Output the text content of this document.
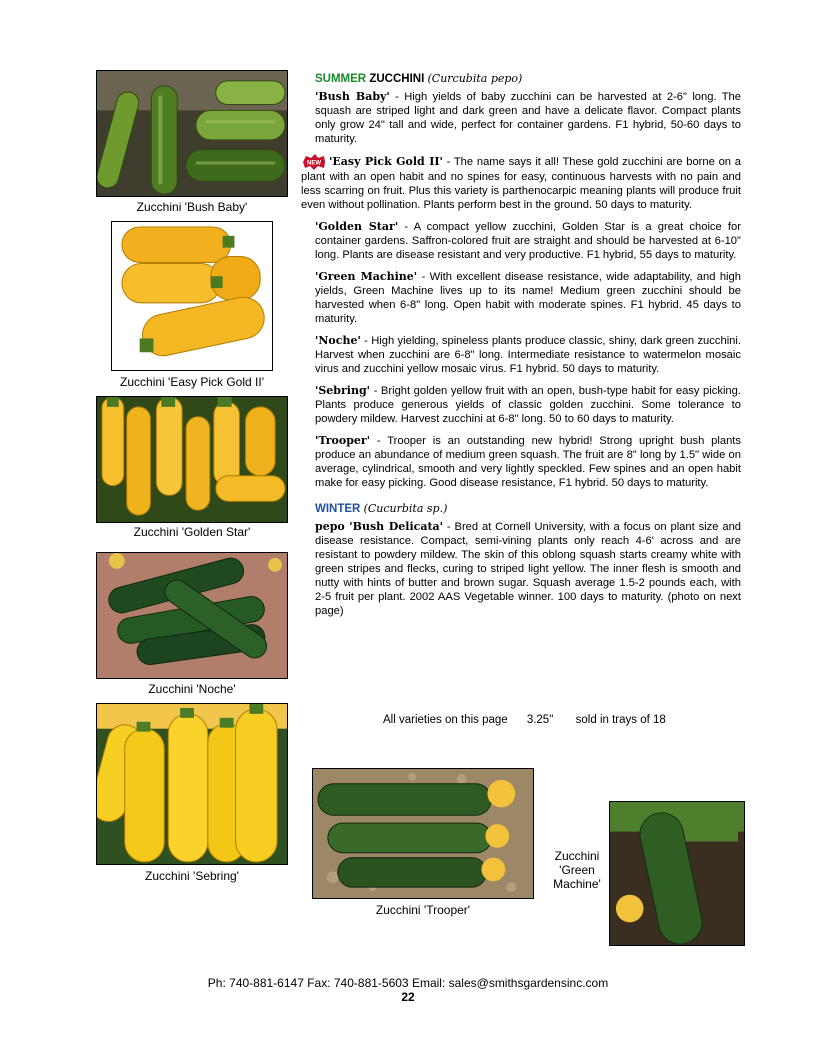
Zucchini 'Bush Baby'
Zucchini 'Easy Pick Gold II'
Zucchini 'Golden Star'
Zucchini 'Noche'
Zucchini 'Sebring'
Zucchini 'Trooper'
Zucchini
'Green
Machine'
SUMMER ZUCCHINI (Curcubita pepo)
'Bush Baby' - High yields of baby zucchini can be harvested at 2-6" long. The squash are striped light and dark green and have a delicate flavor. Compact plants only grow 24" tall and wide, perfect for container gardens. F1 hybrid, 50-60 days to maturity.
NEW 'Easy Pick Gold II' - The name says it all! These gold zucchini are borne on a plant with an open habit and no spines for easy, continuous harvests with no pain and less scarring on fruit. Plus this variety is parthenocarpic meaning plants will produce fruit even without pollination. Plants perform best in the ground. 50 days to maturity.
'Golden Star' - A compact yellow zucchini, Golden Star is a great choice for container gardens. Saffron-colored fruit are straight and should be harvested at 6-10" long. Plants are disease resistant and very productive. F1 hybrid, 55 days to maturity.
'Green Machine' - With excellent disease resistance, wide adaptability, and high yields, Green Machine lives up to its name! Medium green zucchini should be harvested when 6-8" long. Open habit with moderate spines. F1 hybrid. 45 days to maturity.
'Noche' - High yielding, spineless plants produce classic, shiny, dark green zucchini. Harvest when zucchini are 6-8" long. Intermediate resistance to watermelon mosaic virus and zucchini yellow mosaic virus. F1 hybrid. 50 days to maturity.
'Sebring' - Bright golden yellow fruit with an open, bush-type habit for easy picking. Plants produce generous yields of classic golden zucchini. Some tolerance to powdery mildew. Harvest zucchini at 6-8" long. 50 to 60 days to maturity.
'Trooper' - Trooper is an outstanding new hybrid! Strong upright bush plants produce an abundance of medium green squash. The fruit are 8" long by 1.5" wide on average, cylindrical, smooth and very lightly speckled. Few spines and an open habit make for easy picking. Good disease resistance, F1 hybrid. 50 days to maturity.
WINTER (Cucurbita sp.)
pepo 'Bush Delicata' - Bred at Cornell University, with a focus on plant size and disease resistance. Compact, semi-vining plants only reach 4-6' across and are resistant to powdery mildew. The skin of this oblong squash starts creamy white with green stripes and flecks, curing to striped light yellow. The inner flesh is smooth and nutty with hints of butter and brown sugar. Squash average 1.5-2 pounds each, with 2-5 fruit per plant. 2002 AAS Vegetable winner. 100 days to maturity. (photo on next page)
All varieties on this page      3.25"       sold in trays of 18
Ph: 740-881-6147 Fax: 740-881-5603 Email: sales@smithsgardensinc.com
22
